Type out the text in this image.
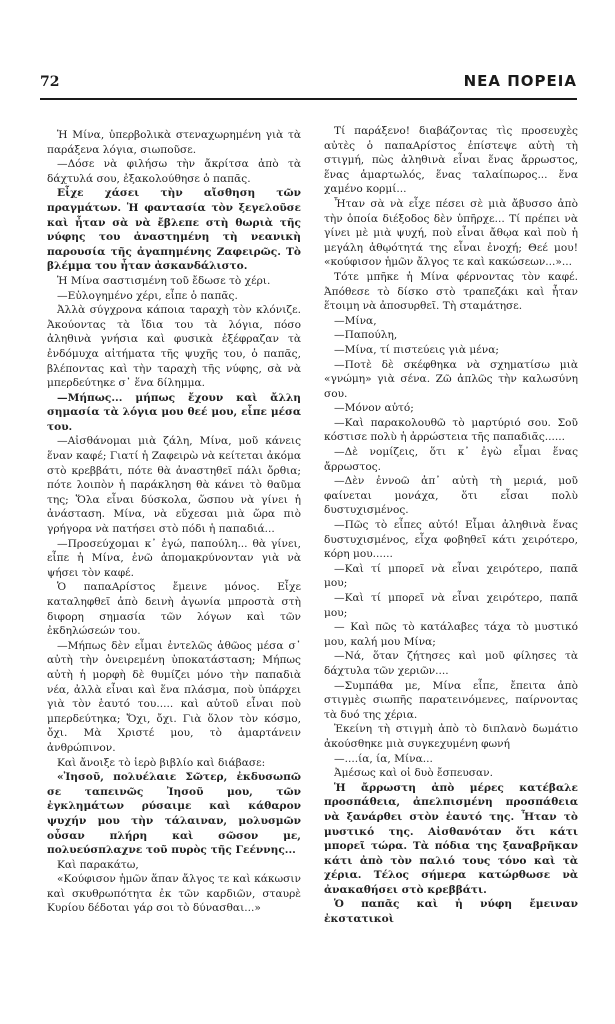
72	ΝΕΑ ΠΟΡΕΙΑ

Ἡ Μίνα, ὑπερβολικὰ στεναχωρημένη γιὰ τὰ παράξενα λόγια, σιωποῦσε.

—Δόσε νὰ φιλήσω τὴν ἄκρίτσα ἀπὸ τὰ δάχτυλά σου, ἐξακολούθησε ὁ παπᾶς.

Εἶχε χάσει τὴν αἴσθηση τῶν πραγμάτων. Ἡ φαντασία τὸν ξεγελοῦσε καὶ ἦταν σὰ νὰ ἔβλεπε στὴ θωριὰ τῆς νύφης του ἀναστημένη τὴ νεανικὴ παρουσία τῆς ἀγαπημένης Ζαφειρῶς. Τὸ βλέμμα του ἦταν ἀσκανδάλιστο.

Ἡ Μίνα σαστισμένη τοῦ ἔδωσε τὸ χέρι.

—Εὐλογημένο χέρι, εἶπε ὁ παπᾶς.

Ἀλλὰ σύγχρονα κάποια ταραχὴ τὸν κλόνιζε. Ἀκούοντας τὰ ἴδια του τὰ λόγια, πόσο ἀληθινὰ γνήσια καὶ φυσικὰ ἐξέφραζαν τὰ ἐνδόμυχα αἰτήματα τῆς ψυχῆς του, ὁ παπᾶς, βλέποντας καὶ τὴν ταραχὴ τῆς νύφης, σὰ νὰ μπερδεύτηκε σ᾽ ἕνα δίλημμα.

—Μήπως... μήπως ἔχουν καὶ ἄλλη σημασία τὰ λόγια μου θεέ μου, εἶπε μέσα του.

—Αἰσθάνομαι μιὰ ζάλη, Μίνα, μοῦ κάνεις ἕναν καφέ; Γιατί ἡ Ζαφειρὼ νὰ κείτεται ἀκόμα στὸ κρεββάτι, πότε θὰ ἀναστηθεῖ πάλι ὄρθια; πότε λοιπὸν ἡ παράκληση θὰ κάνει τὸ θαῦμα της; Ὅλα εἶναι δύσκολα, ὥσπου νὰ γίνει ἡ ἀνάσταση. Μίνα, νὰ εὔχεσαι μιὰ ὥρα πιὸ γρήγορα νὰ πατήσει στὸ πόδι ἡ παπαδιά...

—Προσεύχομαι κ᾽ ἐγώ, παπούλη... θὰ γίνει, εἶπε ἡ Μίνα, ἐνῶ ἀπομακρύνονταν γιὰ νὰ ψήσει τὸν καφέ.

Ὁ παπαΑρίστος ἔμεινε μόνος. Εἶχε καταληφθεῖ ἀπὸ δεινὴ ἀγωνία μπροστὰ στὴ διφορη σημασία τῶν λόγων καὶ τῶν ἐκδηλώσεών του.

—Μήπως δὲν εἶμαι ἐντελῶς ἁθῶος μέσα σ᾽ αὐτὴ τὴν ὀνειρεμένη ὑποκατάσταση; Μήπως αὐτὴ ἡ μορφὴ δὲ θυμίζει μόνο τὴν παπαδιὰ νέα, ἀλλὰ εἶναι καὶ ἕνα πλάσμα, ποὺ ὑπάρχει γιὰ τὸν ἑαυτό του..... καὶ αὐτοῦ εἶναι ποὺ μπερδεύτηκα; Ὄχι, ὄχι. Γιὰ ὅλον τὸν κόσμο, ὄχι. Μὰ Χριστέ μου, τὸ ἁμαρτάνειν ἀνθρώπινον.

Καὶ ἄνοιξε τὸ ἱερὸ βιβλίο καὶ διάβασε:

«Ἰησοῦ, πολυέλαιε Σῶτερ, ἐκδυσωπῶ σε ταπεινῶς Ἰησοῦ μου, τῶν ἐγκλημάτων ρύσαιμε καὶ κάθαρον ψυχήν μου τὴν τάλαιναν, μολυσμῶν οὖσαν πλήρη καὶ σῶσον με, πολυεύσπλαχνε τοῦ πυρὸς τῆς Γεέννης...

Καὶ παρακάτω,

«Κούφισον ἡμῶν ἅπαν ἄλγος τε καὶ κάκωσιν καὶ σκυθρωπότητα ἐκ τῶν καρδιῶν, σταυρὲ Κυρίου δέδοται γάρ σοι τὸ δύνασθαι...»

Τί παράξενο! διαβάζοντας τὶς προσευχὲς αὐτὲς ὁ παπαΑρίστος ἐπίστεψε αὐτὴ τὴ στιγμή, πὼς ἀληθινὰ εἶναι ἕνας ἄρρωστος, ἕνας ἁμαρτωλός, ἕνας ταλαίπωρος... ἕνα χαμένο κορμί...

Ἦταν σὰ νὰ εἶχε πέσει σὲ μιὰ ἄβυσσο ἀπὸ τὴν ὁποία διέξοδος δὲν ὑπῆρχε... Τί πρέπει νὰ γίνει μὲ μιὰ ψυχή, ποὺ εἶναι ἄθῳα καὶ ποὺ ἡ μεγάλη ἀθῳότητά της εἶναι ἐνοχή; Θεέ μου! «κούφισον ἡμῶν ἄλγος τε καὶ κακώσεων...»...

Τότε μπῆκε ἡ Μίνα φέρνοντας τὸν καφέ. Ἀπόθεσε τὸ δίσκο στὸ τραπεζάκι καὶ ἦταν ἕτοιμη νὰ ἀποσυρθεῖ. Τὴ σταμάτησε.

—Μίνα,

—Παπούλη,

—Μίνα, τί πιστεύεις γιὰ μένα;

—Ποτὲ δὲ σκέφθηκα νὰ σχηματίσω μιὰ «γνώμη» γιὰ σένα. Ζῶ ἁπλῶς τὴν καλωσύνη σου.

—Μόνον αὐτό;

—Καὶ παρακολουθῶ τὸ μαρτύριό σου. Σοῦ κόστισε πολὺ ἡ ἀρρώστεια τῆς παπαδιᾶς......

—Δὲ νομίζεις, ὅτι κ᾽ ἐγὼ εἶμαι ἕνας ἄρρωστος.

—Δὲν ἐννοῶ ἀπ᾽ αὐτὴ τὴ μεριά, μοῦ φαίνεται μονάχα, ὅτι εἶσαι πολὺ δυστυχισμένος.

—Πῶς τὸ εἶπες αὐτό! Εἶμαι ἀληθινὰ ἕνας δυστυχισμένος, εἶχα φοβηθεῖ κάτι χειρότερο, κόρη μου......

—Καὶ τί μπορεῖ νὰ εἶναι χειρότερο, παπᾶ μου;

—Καὶ τί μπορεῖ νὰ εἶναι χειρότερο, παπᾶ μου;

— Καὶ πῶς τὸ κατάλαβες τάχα τὸ μυστικό μου, καλή μου Μίνα;

—Νά, ὅταν ζήτησες καὶ μοῦ φίλησες τὰ δάχτυλα τῶν χεριῶν....

—Συμπάθα με, Μίνα εἶπε, ἔπειτα ἀπὸ στιγμὲς σιωπῆς παρατεινόμενες, παίρνοντας τὰ δυό της χέρια.

Ἐκείνη τὴ στιγμὴ ἀπὸ τὸ διπλανὸ δωμάτιο ἀκούσθηκε μιὰ συγκεχυμένη φωνή

—....ία, ία, Μίνα...

Ἀμέσως καὶ οἱ δυὸ ἔσπευσαν.

Ἡ ἄρρωστη ἀπὸ μέρες κατέβαλε προσπάθεια, ἀπελπισμένη προσπάθεια νὰ ξανάρθει στὸν ἑαυτό της. Ἦταν τὸ μυστικό της. Αἰσθανόταν ὅτι κάτι μπορεῖ τώρα. Τὰ πόδια της ξαναβρῆκαν κάτι ἀπὸ τὸν παλιό τους τόνο καὶ τὰ χέρια. Τέλος σήμερα κατώρθωσε νὰ ἀνακαθήσει στὸ κρεββάτι.

Ὁ παπᾶς καὶ ἡ νύφη ἔμειναν ἐκστατικοὶ
